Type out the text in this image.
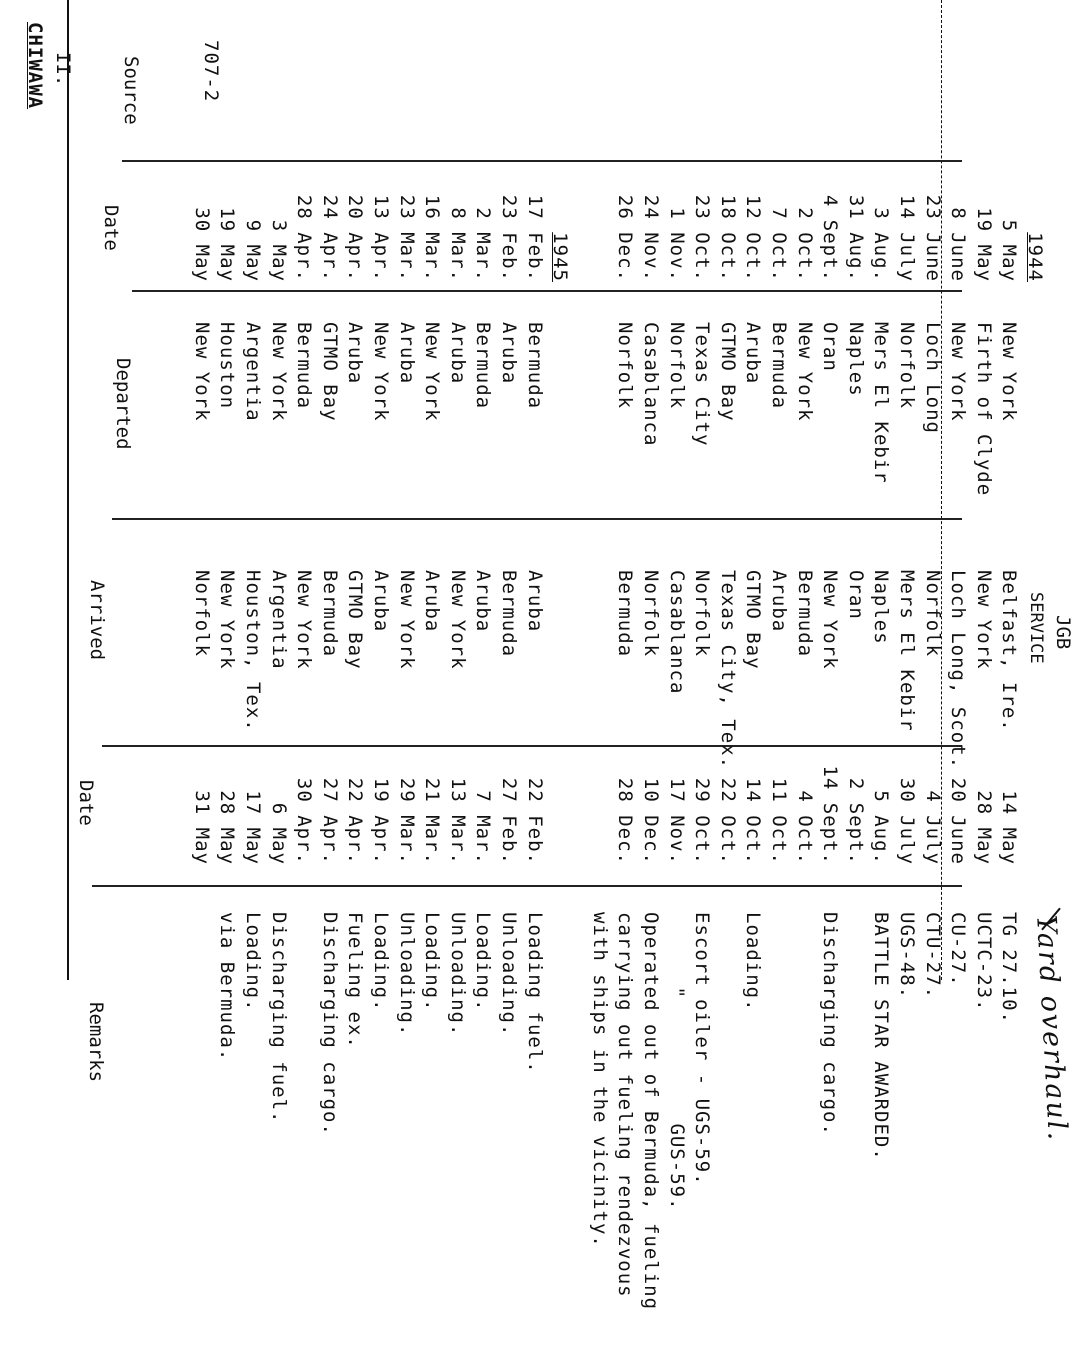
CHIWAWA II.
JGB
SERVICE
Source
Date
Departed
Arrived
Date
Remarks
707-2
1944
5 May
New York
Belfast, Ire.
14 May
TG 27.10.
19 May
Firth of Clyde
New York
28 May
UCTC-23.
8 June
New York
Loch Long, Scot.
20 June
CU-27.
23 June
Loch Long
Norfolk
4 July
CTU-27.
14 July
Norfolk
Mers El Kebir
30 July
UGS-48.
3 Aug.
Mers El Kebir
Naples
5 Aug.
BATTLE STAR AWARDED.
31 Aug.
Naples
Oran
2 Sept.
4 Sept.
Oran
New York
14 Sept.
Discharging cargo.
2 Oct.
New York
Bermuda
4 Oct.
7 Oct.
Bermuda
Aruba
11 Oct.
12 Oct.
Aruba
GTMO Bay
14 Oct.
Loading.
18 Oct.
GTMO Bay
Texas City, Tex.
22 Oct.
23 Oct.
Texas City
Norfolk
29 Oct.
Escort oiler - UGS-59.
1 Nov.
Norfolk
Casablanca
17 Nov.
"          GUS-59.
24 Nov.
Casablanca
Norfolk
10 Dec.
Operated out of Bermuda, fueling
26 Dec.
Norfolk
Bermuda
28 Dec.
carrying out fueling rendezvous
with ships in the vicinity.
1945
17 Feb.
Bermuda
Aruba
22 Feb.
Loading fuel.
23 Feb.
Aruba
Bermuda
27 Feb.
Unloading.
2 Mar.
Bermuda
Aruba
7 Mar.
Loading.
8 Mar.
Aruba
New York
13 Mar.
Unloading.
16 Mar.
New York
Aruba
21 Mar.
Loading.
23 Mar.
Aruba
New York
29 Mar.
Unloading.
13 Apr.
New York
Aruba
19 Apr.
Loading.
20 Apr.
Aruba
GTMO Bay
22 Apr.
Fueling ex.
24 Apr.
GTMO Bay
Bermuda
27 Apr.
Discharging cargo.
28 Apr.
Bermuda
New York
30 Apr.
3 May
New York
Argentia
6 May
Discharging fuel.
9 May
Argentia
Houston, Tex.
17 May
Loading.
19 May
Houston
New York
28 May
via Bermuda.
30 May
New York
Norfolk
31 May
Yard overhaul.
